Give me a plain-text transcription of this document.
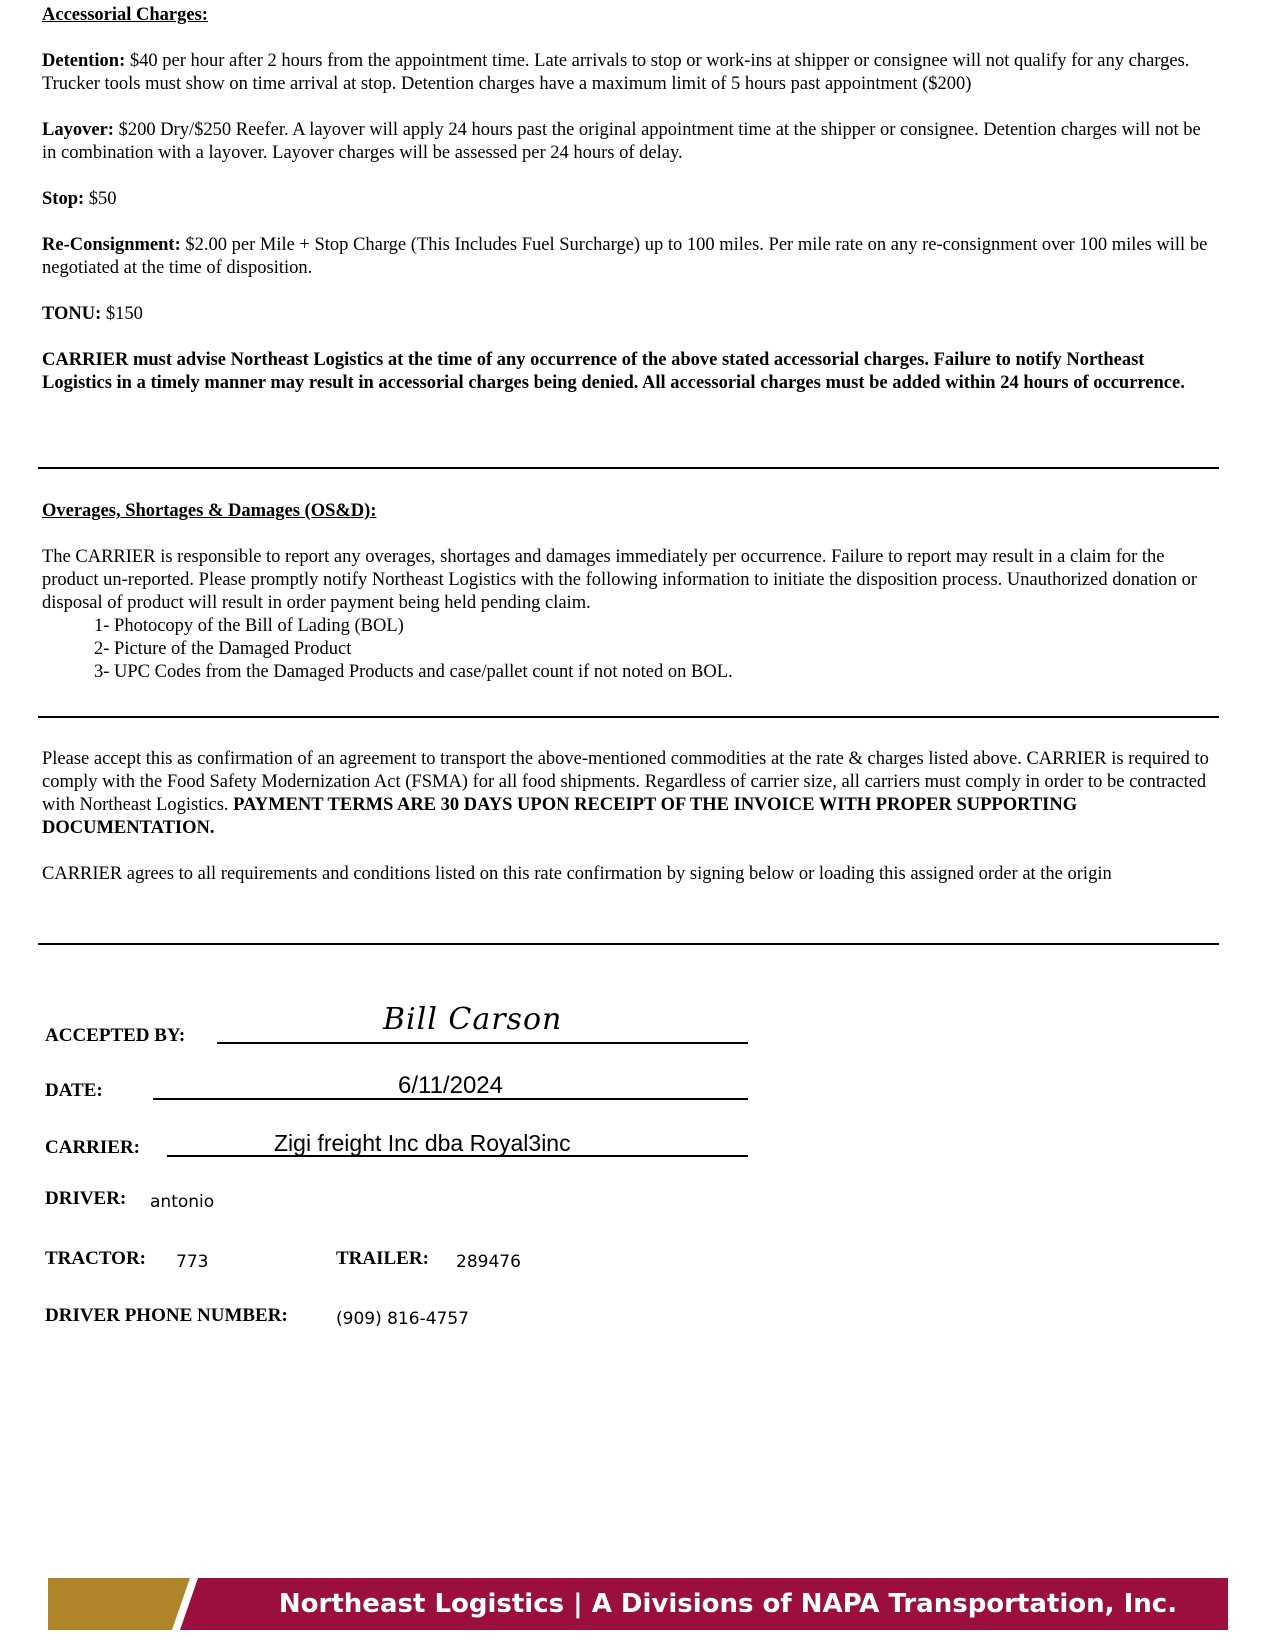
Accessorial Charges:

Detention: $40 per hour after 2 hours from the appointment time. Late arrivals to stop or work-ins at shipper or consignee will not qualify for any charges. Trucker tools must show on time arrival at stop. Detention charges have a maximum limit of 5 hours past appointment ($200)

Layover: $200 Dry/$250 Reefer. A layover will apply 24 hours past the original appointment time at the shipper or consignee. Detention charges will not be in combination with a layover. Layover charges will be assessed per 24 hours of delay.

Stop: $50

Re-Consignment: $2.00 per Mile + Stop Charge (This Includes Fuel Surcharge) up to 100 miles. Per mile rate on any re-consignment over 100 miles will be negotiated at the time of disposition.

TONU: $150

CARRIER must advise Northeast Logistics at the time of any occurrence of the above stated accessorial charges. Failure to notify Northeast Logistics in a timely manner may result in accessorial charges being denied. All accessorial charges must be added within 24 hours of occurrence.

Overages, Shortages & Damages (OS&D):

The CARRIER is responsible to report any overages, shortages and damages immediately per occurrence. Failure to report may result in a claim for the product un-reported. Please promptly notify Northeast Logistics with the following information to initiate the disposition process. Unauthorized donation or disposal of product will result in order payment being held pending claim.

1- Photocopy of the Bill of Lading (BOL)
2- Picture of the Damaged Product
3- UPC Codes from the Damaged Products and case/pallet count if not noted on BOL.

Please accept this as confirmation of an agreement to transport the above-mentioned commodities at the rate & charges listed above. CARRIER is required to comply with the Food Safety Modernization Act (FSMA) for all food shipments. Regardless of carrier size, all carriers must comply in order to be contracted with Northeast Logistics. PAYMENT TERMS ARE 30 DAYS UPON RECEIPT OF THE INVOICE WITH PROPER SUPPORTING DOCUMENTATION.

CARRIER agrees to all requirements and conditions listed on this rate confirmation by signing below or loading this assigned order at the origin

ACCEPTED BY:	Bill Carson
DATE:	6/11/2024
CARRIER:	Zigi freight Inc dba Royal3inc
DRIVER: antonio
TRACTOR: 773	TRAILER: 289476
DRIVER PHONE NUMBER:	(909) 816-4757
Northeast Logistics | A Divisions of NAPA Transportation, Inc.
